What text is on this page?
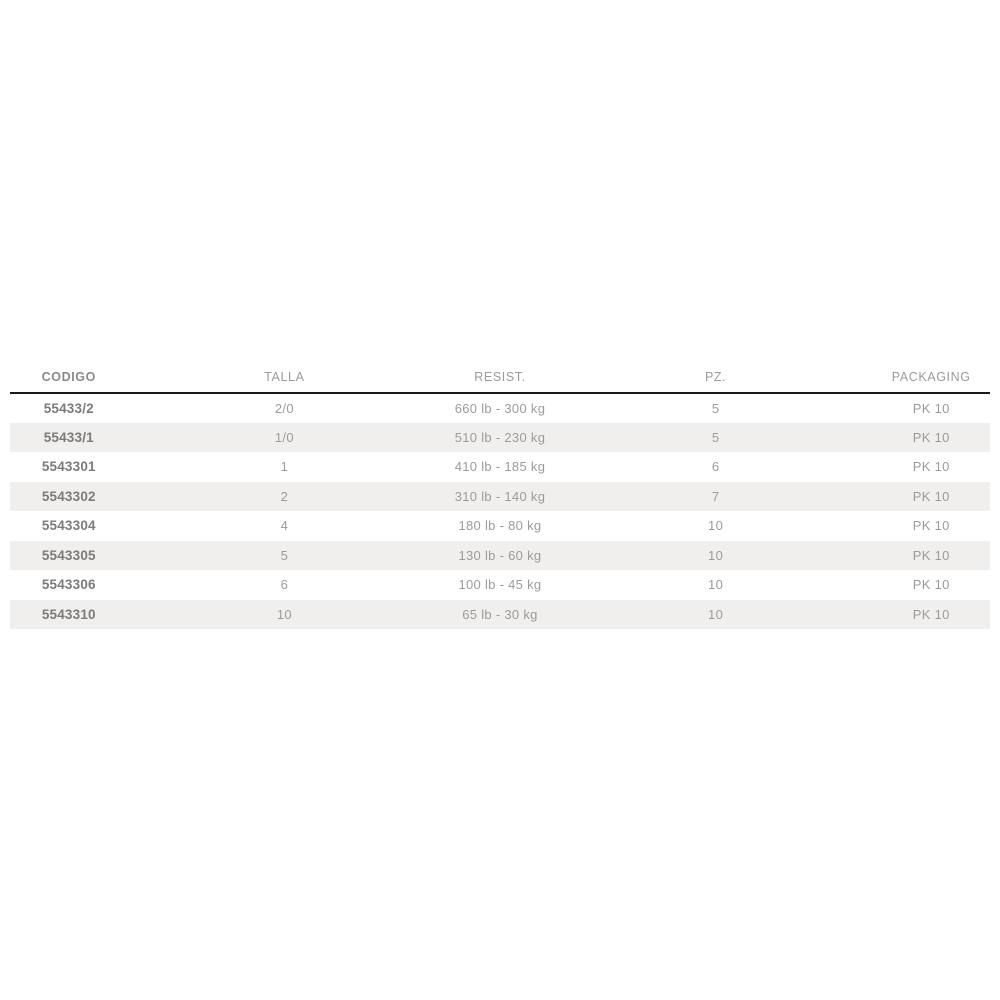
CODIGO	TALLA	RESIST.	PZ.	PACKAGING
55433/2	2/0	660 lb - 300 kg	5	PK 10
55433/1	1/0	510 lb - 230 kg	5	PK 10
5543301	1	410 lb - 185 kg	6	PK 10
5543302	2	310 lb - 140 kg	7	PK 10
5543304	4	180 lb - 80 kg	10	PK 10
5543305	5	130 lb - 60 kg	10	PK 10
5543306	6	100 lb - 45 kg	10	PK 10
5543310	10	65 lb - 30 kg	10	PK 10
